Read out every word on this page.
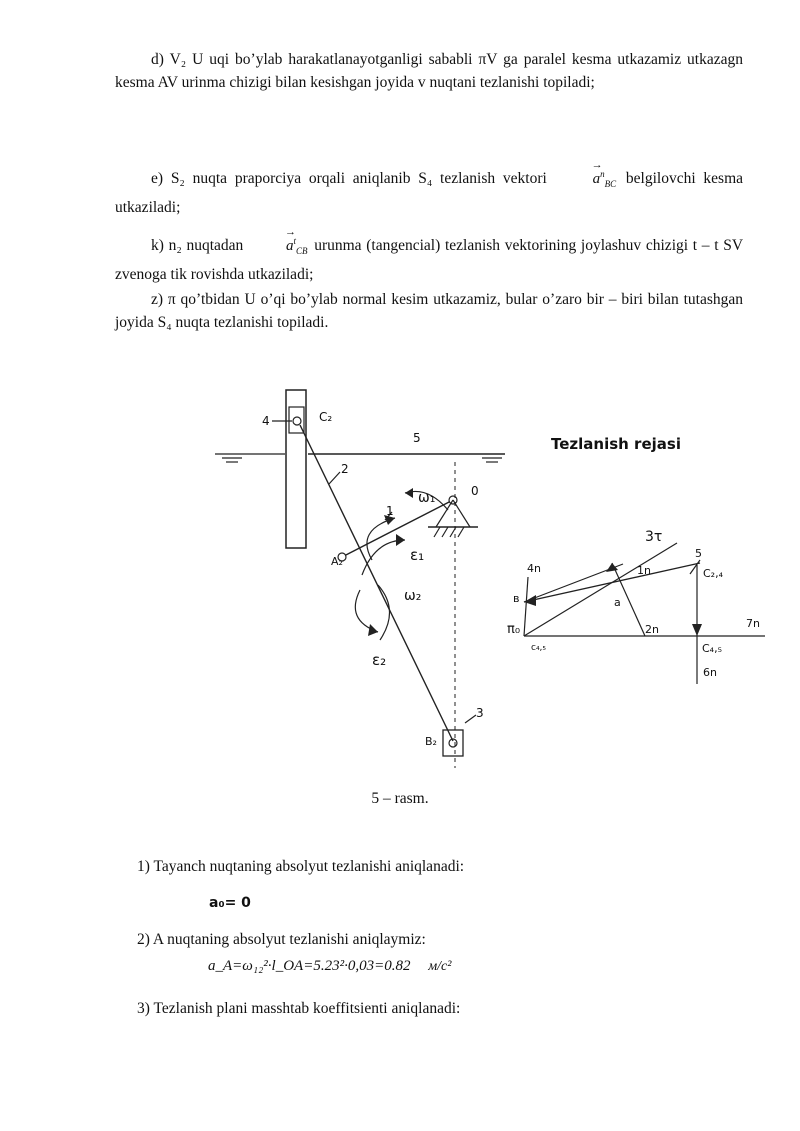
d) V₂ U uqi bo’ylab harakatlanayotganligi sababli πV ga paralel kesma utkazamiz utkazagn kesma AV urinma chizigi bilan kesishgan joyida v nuqtani tezlanishi topiladi;

e) S₂ nuqta praporciya orqali aniqlanib S₄ tezlanish vektori
→
$a^n_{BC}$ belgilovchi kesma utkaziladi;

k) n₂ nuqtadan
→
$a^t_{CB}$ urunma (tangencial) tezlanish vektorining joylashuv chizigi t – t SV zvenoga tik rovishda utkaziladi;

z) π qo’tbidan U o’qi bo’ylab normal kesim utkazamiz, bular o’zaro bir – biri bilan tutashgan joyida S₄ nuqta tezlanishi topiladi.

4	C₂
5
2
ω₁	0
1
A₂	ε₁
ω₂
ε₂
3
B₂
Tezlanish rejasi
3τ
5
4n	1n	C₂,₄
в	a
π₀	2n	7n
c₄,₅	C₄,₅
6n
5 – rasm.
1) Tayanch nuqtaning absolyut tezlanishi aniqlanadi:
a₀= 0
2) A nuqtaning absolyut tezlanishi aniqlaymiz:
a_A=ω₁₂²·l_OA=5.23²·0,03=0.82 м/c²
3) Tezlanish plani masshtab koeffitsienti aniqlanadi:
